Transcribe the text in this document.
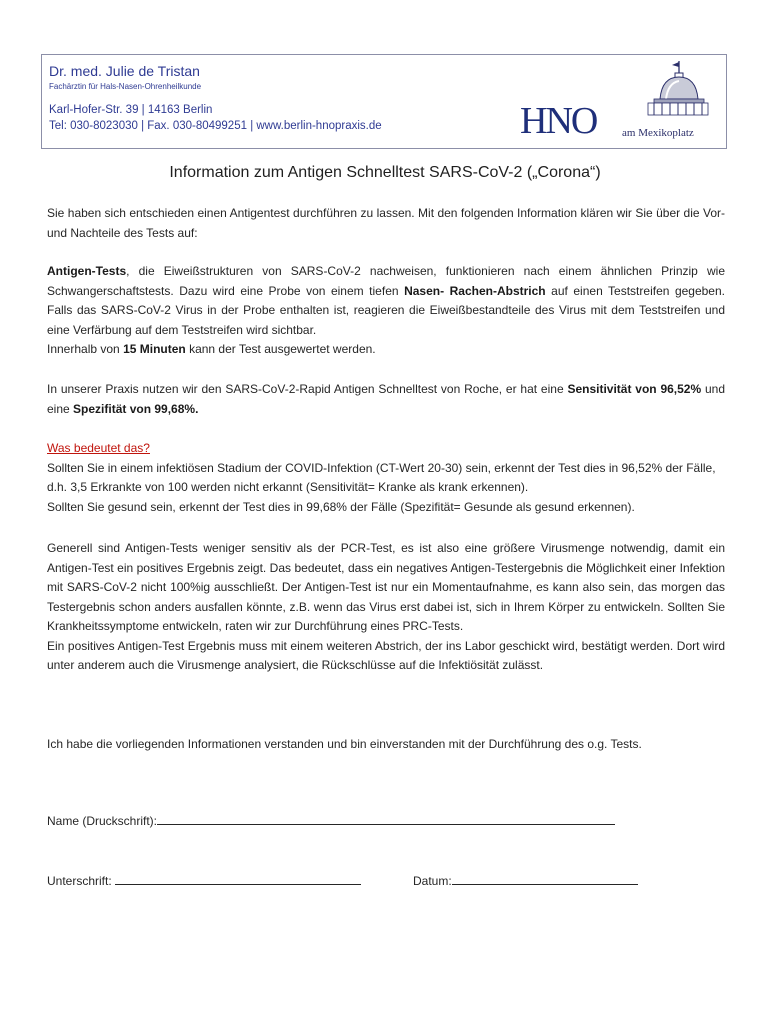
Dr. med. Julie de Tristan
Fachärztin für Hals-Nasen-Ohrenheilkunde
Karl-Hofer-Str. 39 | 14163 Berlin
Tel: 030-8023030 | Fax. 030-80499251 | www.berlin-hnopraxis.de	HNO am Mexikoplatz
Information zum Antigen Schnelltest SARS-CoV-2 („Corona“)

Sie haben sich entschieden einen Antigentest durchführen zu lassen. Mit den folgenden Information klären wir Sie über die Vor- und Nachteile des Tests auf:

Antigen-Tests, die Eiweißstrukturen von SARS-CoV-2 nachweisen, funktionieren nach einem ähnlichen Prinzip wie Schwangerschaftstests. Dazu wird eine Probe von einem tiefen Nasen- Rachen-Abstrich auf einen Teststreifen gegeben. Falls das SARS-CoV-2 Virus in der Probe enthalten ist, reagieren die Eiweißbestandteile des Virus mit dem Teststreifen und eine Verfärbung auf dem Teststreifen wird sichtbar.
Innerhalb von 15 Minuten kann der Test ausgewertet werden.

In unserer Praxis nutzen wir den SARS-CoV-2-Rapid Antigen Schnelltest von Roche, er hat eine Sensitivität von 96,52% und eine Spezifität von 99,68%.

Was bedeutet das?
Sollten Sie in einem infektiösen Stadium der COVID-Infektion (CT-Wert 20-30) sein, erkennt der Test dies in 96,52% der Fälle, d.h. 3,5 Erkrankte von 100 werden nicht erkannt (Sensitivität= Kranke als krank erkennen).
Sollten Sie gesund sein, erkennt der Test dies in 99,68% der Fälle (Spezifität= Gesunde als gesund erkennen).
Generell sind Antigen-Tests weniger sensitiv als der PCR-Test, es ist also eine größere Virusmenge notwendig, damit ein Antigen-Test ein positives Ergebnis zeigt. Das bedeutet, dass ein negatives Antigen-Testergebnis die Möglichkeit einer Infektion mit SARS-CoV-2 nicht 100%ig ausschließt. Der Antigen-Test ist nur ein Momentaufnahme, es kann also sein, das morgen das Testergebnis schon anders ausfallen könnte, z.B. wenn das Virus erst dabei ist, sich in Ihrem Körper zu entwickeln. Sollten Sie Krankheitssymptome entwickeln, raten wir zur Durchführung eines PRC-Tests.
Ein positives Antigen-Test Ergebnis muss mit einem weiteren Abstrich, der ins Labor geschickt wird, bestätigt werden. Dort wird unter anderem auch die Virusmenge analysiert, die Rückschlüsse auf die Infektiösität zulässt.

Ich habe die vorliegenden Informationen verstanden und bin einverstanden mit der Durchführung des o.g. Tests.

Name (Druckschrift):
Unterschrift:	Datum:
